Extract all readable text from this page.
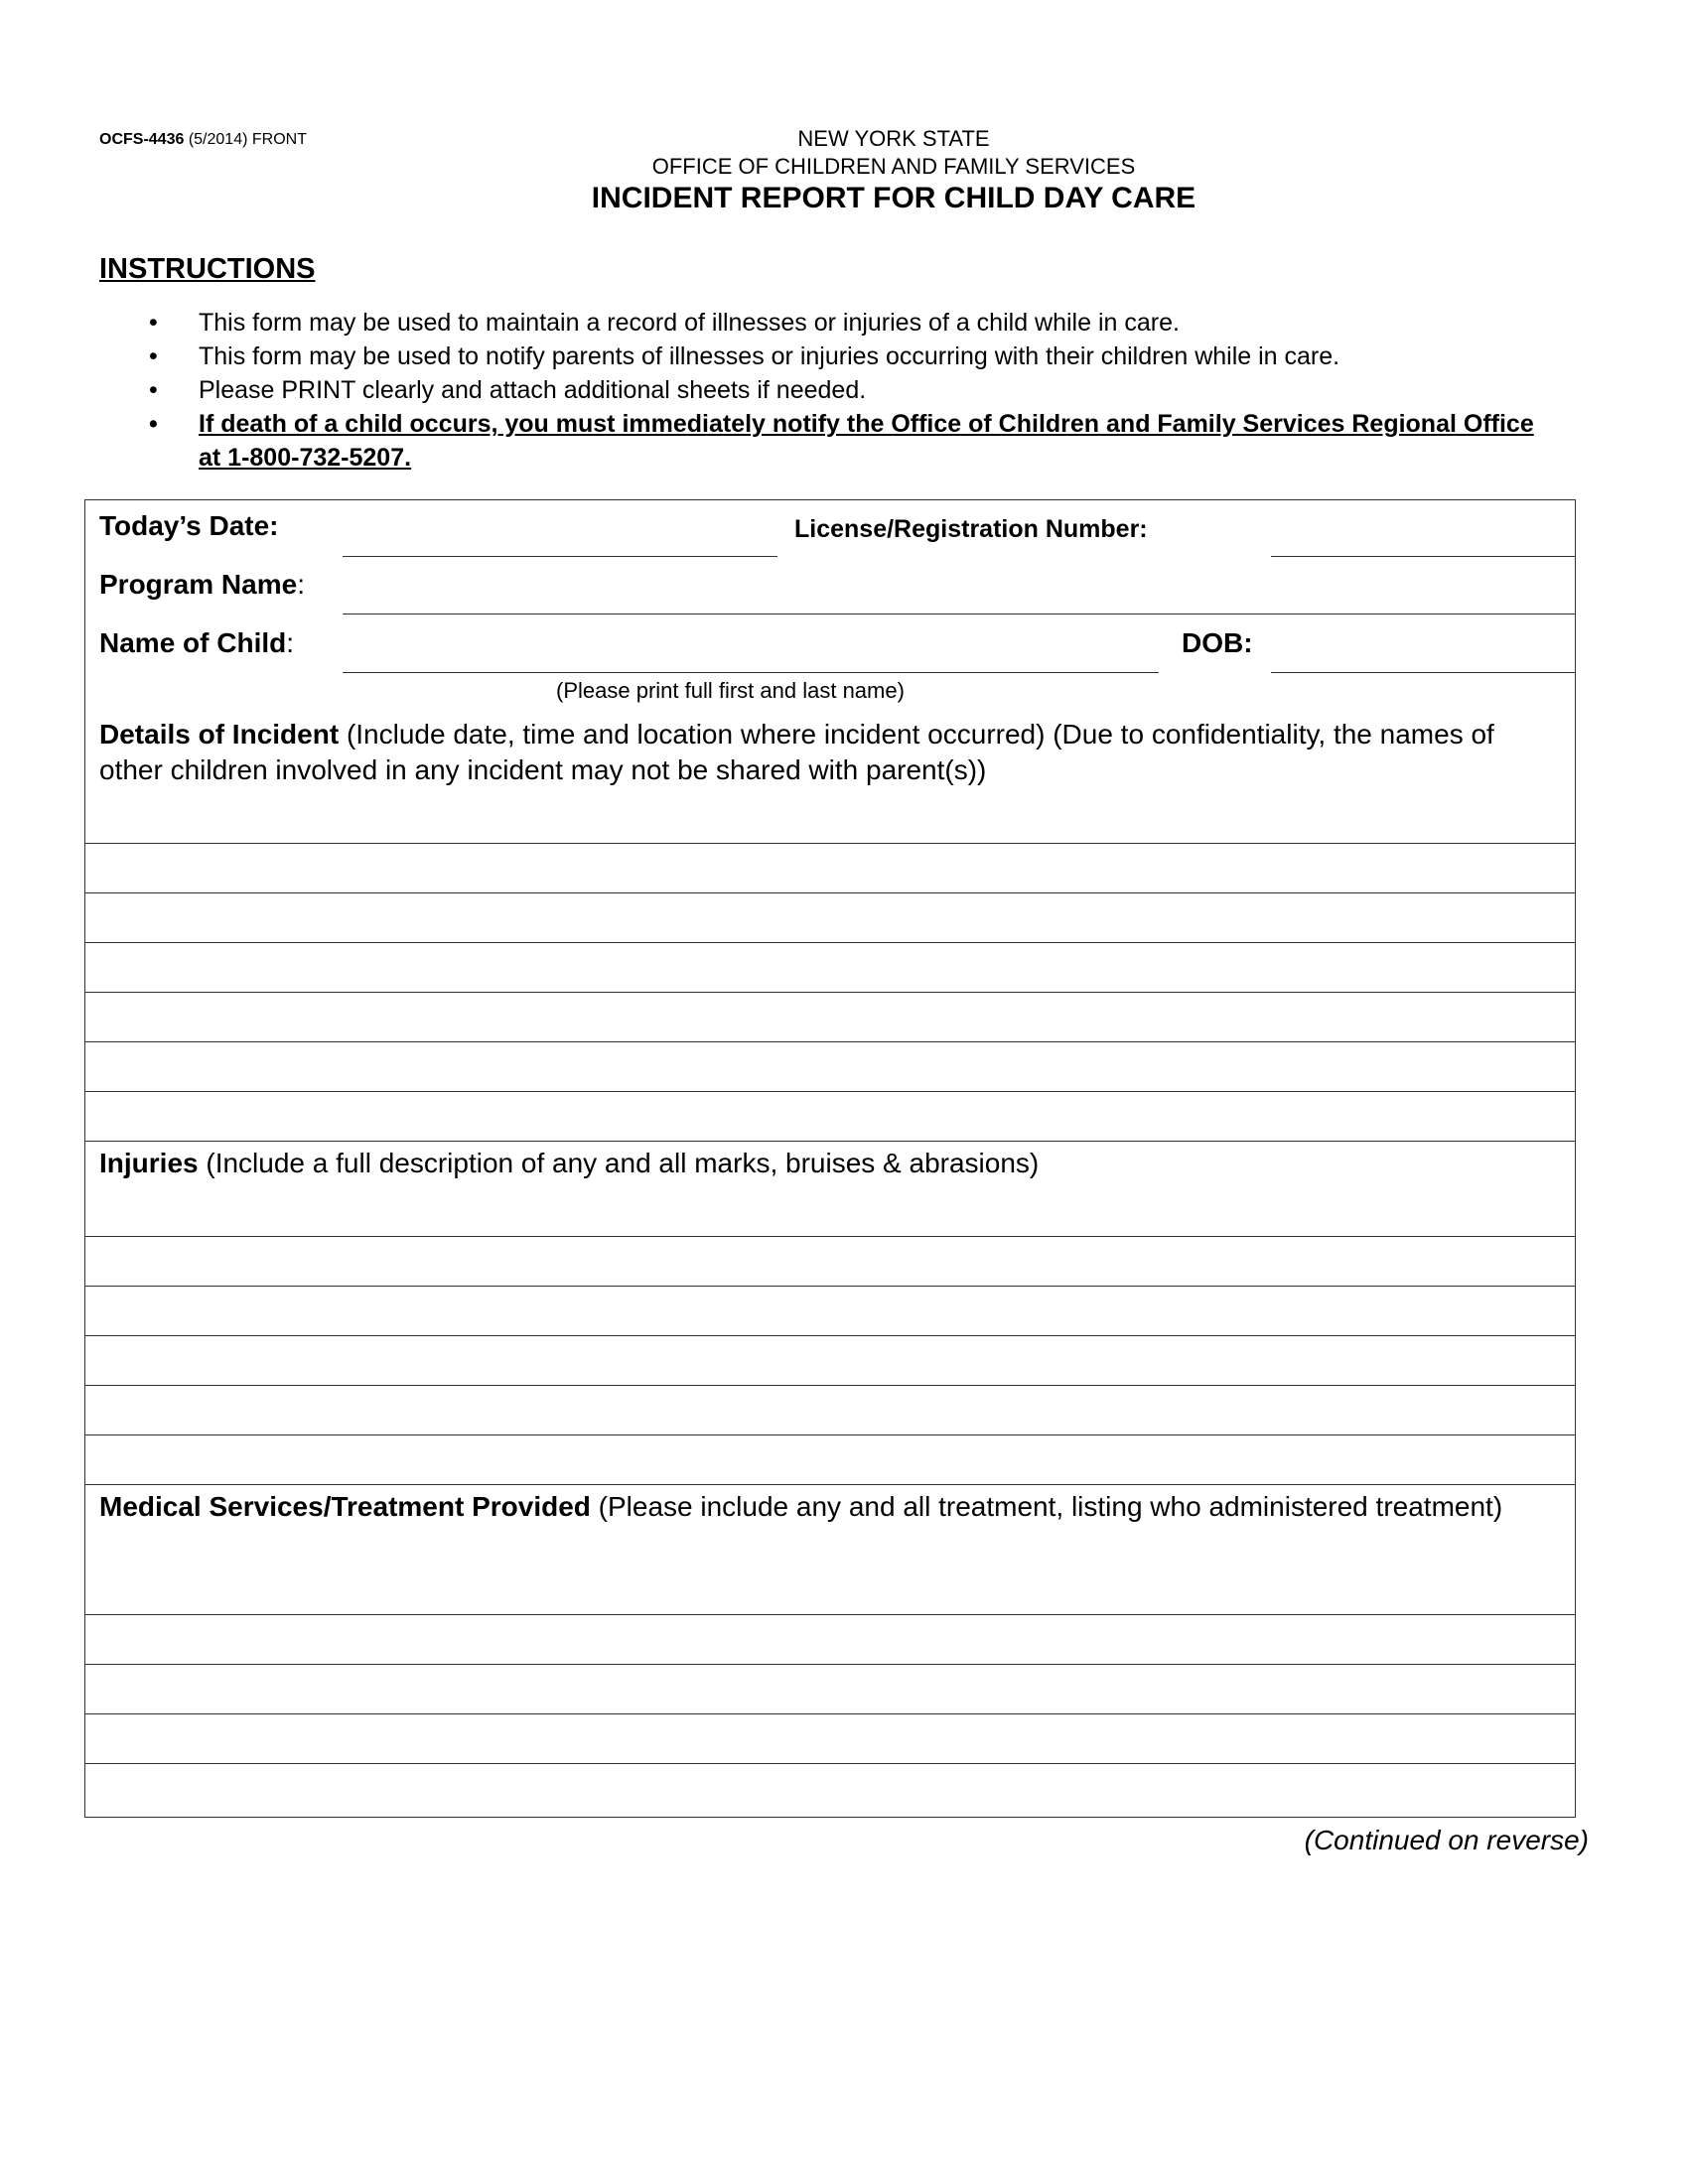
OCFS-4436 (5/2014) FRONT	NEW YORK STATE
OFFICE OF CHILDREN AND FAMILY SERVICES
INCIDENT REPORT FOR CHILD DAY CARE
INSTRUCTIONS
• This form may be used to maintain a record of illnesses or injuries of a child while in care.
• This form may be used to notify parents of illnesses or injuries occurring with their children while in care.
• Please PRINT clearly and attach additional sheets if needed.
• If death of a child occurs, you must immediately notify the Office of Children and Family Services Regional Office at 1-800-732-5207.
Today’s Date:	License/Registration Number:
Program Name:
Name of Child:	DOB:
(Please print full first and last name)
Details of Incident (Include date, time and location where incident occurred) (Due to confidentiality, the names of other children involved in any incident may not be shared with parent(s))
Injuries (Include a full description of any and all marks, bruises & abrasions)
Medical Services/Treatment Provided (Please include any and all treatment, listing who administered treatment)
(Continued on reverse)
